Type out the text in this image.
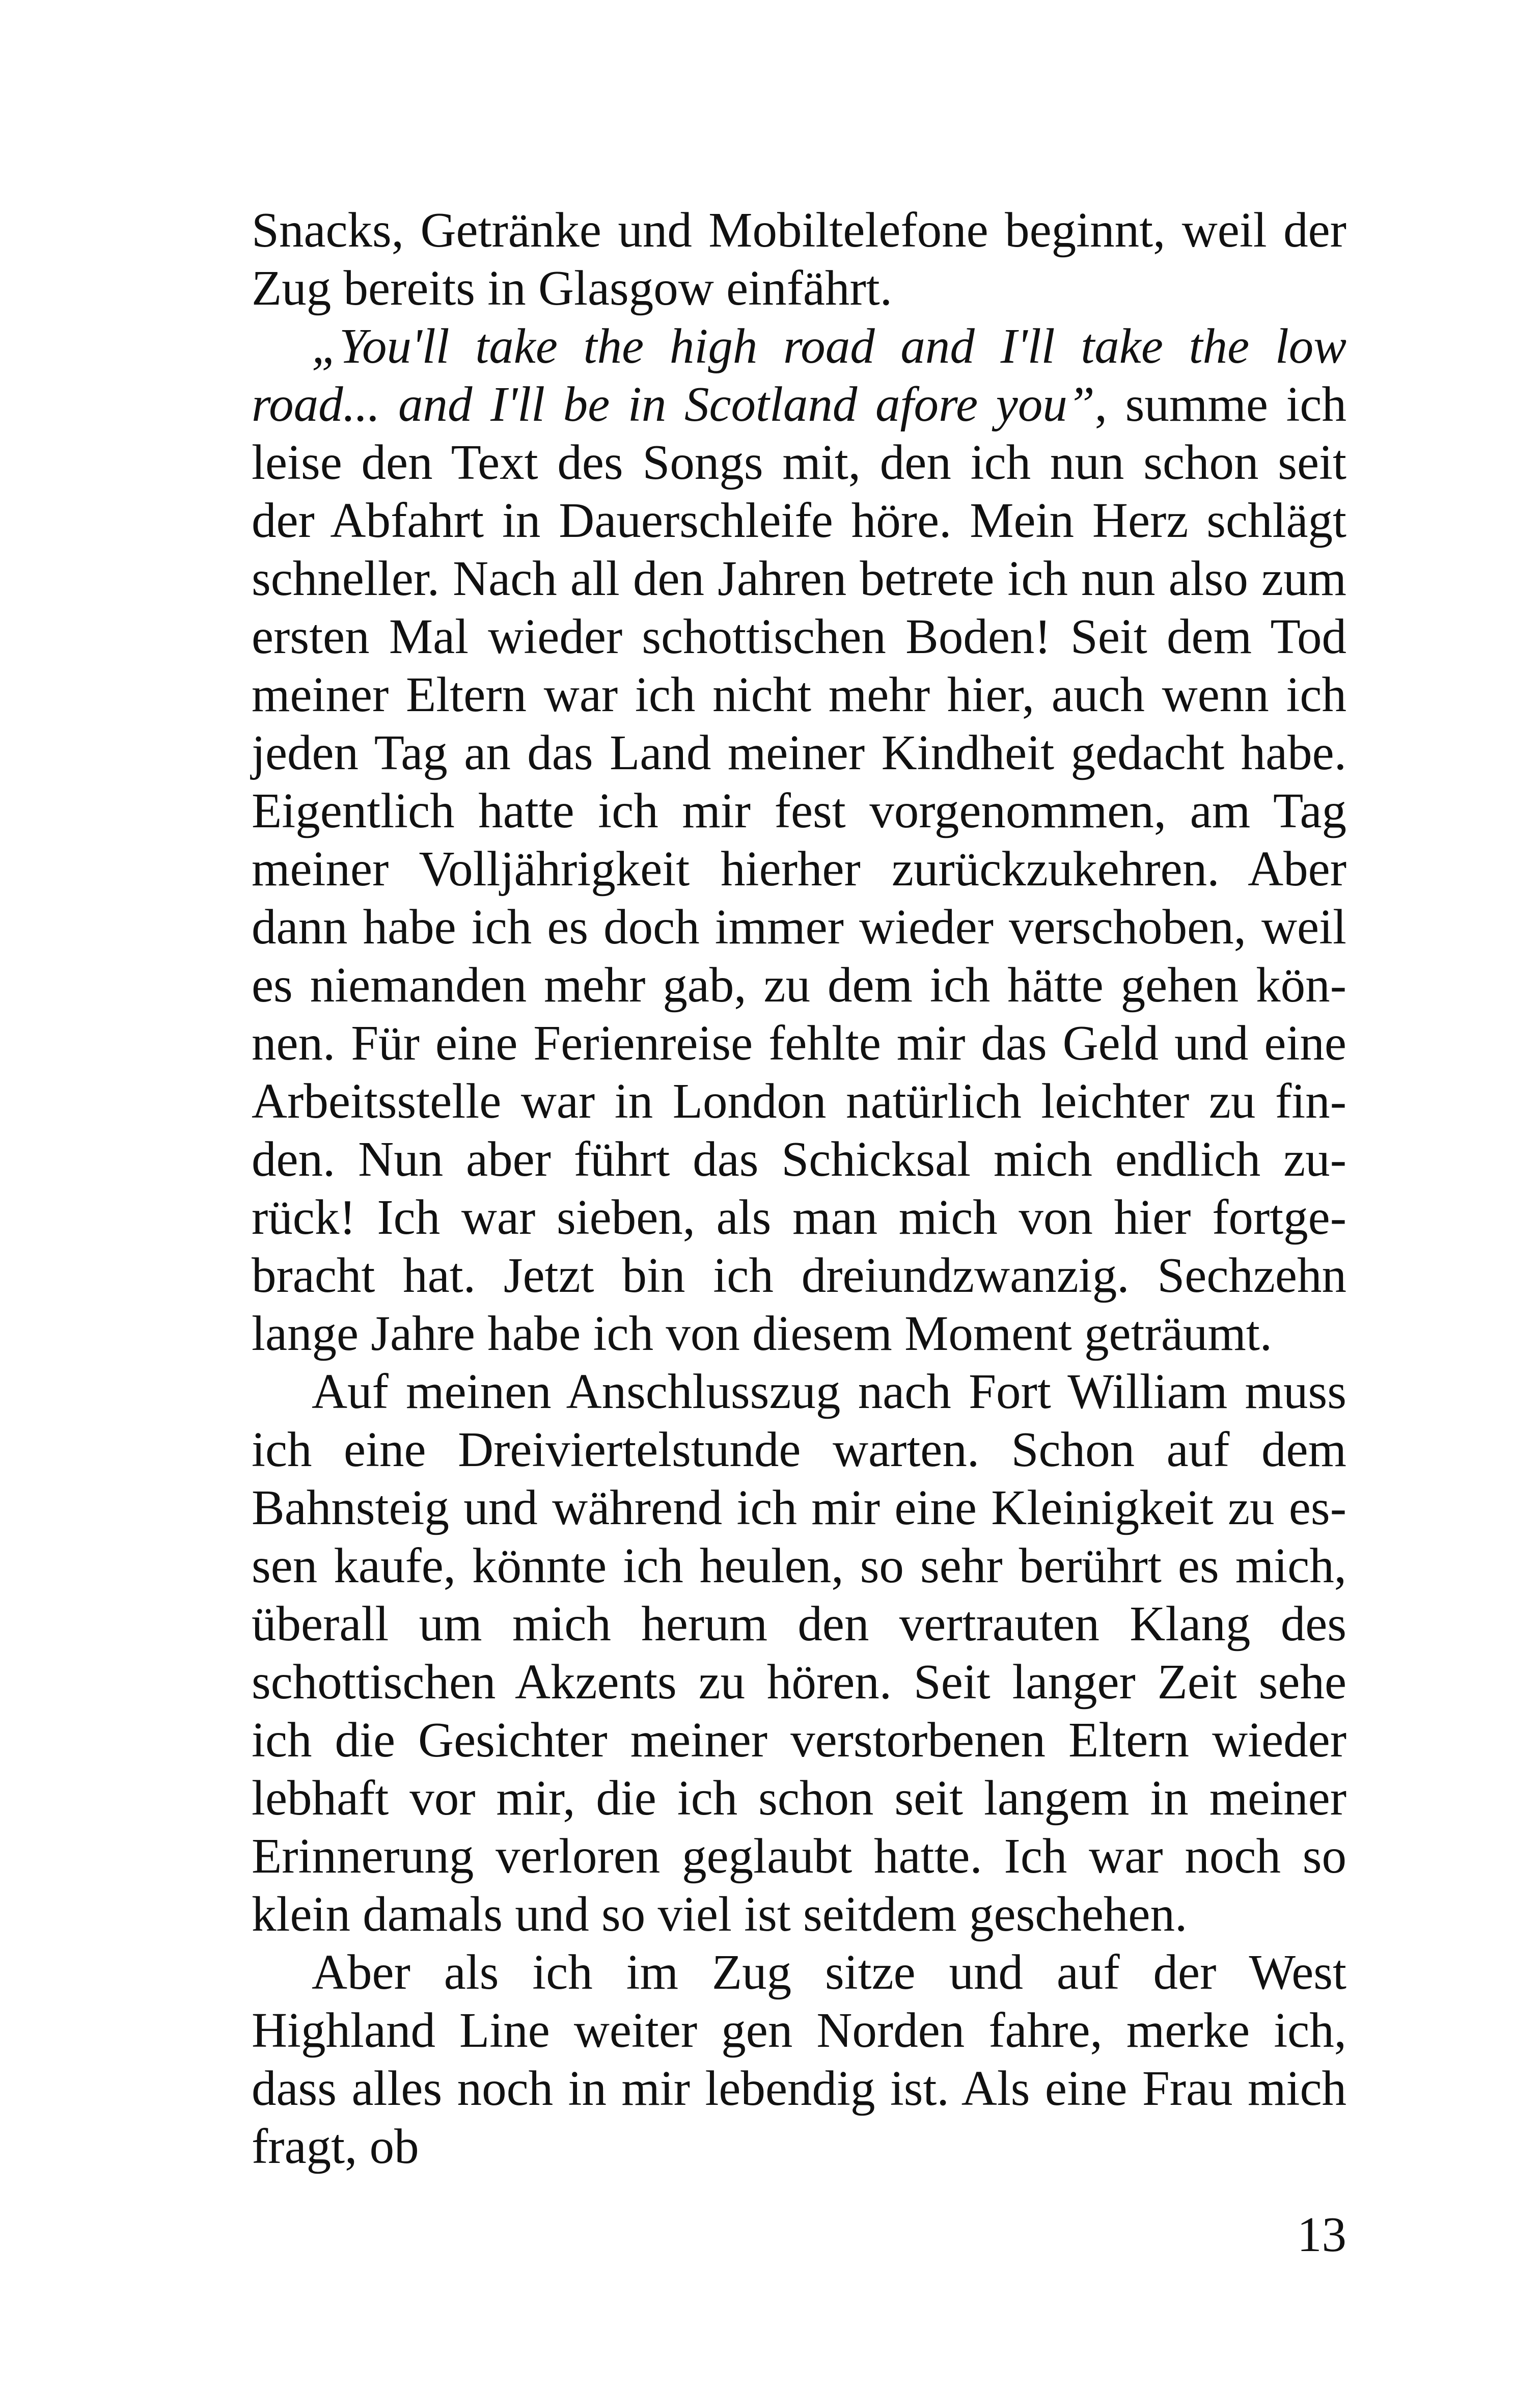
Snacks, Getränke und Mobiltelefone beginnt, weil der Zug bereits in Glasgow einfährt.

„You'll take the high road and I'll take the low road... and I'll be in Scotland afore you”, summe ich leise den Text des Songs mit, den ich nun schon seit der Abfahrt in Dauerschleife höre. Mein Herz schlägt schneller. Nach all den Jahren betrete ich nun also zum ersten Mal wieder schottischen Boden! Seit dem Tod meiner Eltern war ich nicht mehr hier, auch wenn ich jeden Tag an das Land meiner Kindheit gedacht habe. Eigentlich hatte ich mir fest vorgenommen, am Tag meiner Volljährigkeit hierher zurückzukehren. Aber dann habe ich es doch immer wieder verschoben, weil es niemanden mehr gab, zu dem ich hätte gehen können. Für eine Ferienreise fehlte mir das Geld und eine Arbeitsstelle war in London natürlich leichter zu finden. Nun aber führt das Schicksal mich endlich zurück! Ich war sieben, als man mich von hier fortgebracht hat. Jetzt bin ich dreiundzwanzig. Sechzehn lange Jahre habe ich von diesem Moment geträumt.

Auf meinen Anschlusszug nach Fort William muss ich eine Dreiviertelstunde warten. Schon auf dem Bahnsteig und während ich mir eine Kleinigkeit zu essen kaufe, könnte ich heulen, so sehr berührt es mich, überall um mich herum den vertrauten Klang des schottischen Akzents zu hören. Seit langer Zeit sehe ich die Gesichter meiner verstorbenen Eltern wieder lebhaft vor mir, die ich schon seit langem in meiner Erinnerung verloren geglaubt hatte. Ich war noch so klein damals und so viel ist seitdem geschehen.

Aber als ich im Zug sitze und auf der West Highland Line weiter gen Norden fahre, merke ich, dass alles noch in mir lebendig ist. Als eine Frau mich fragt, ob

13
